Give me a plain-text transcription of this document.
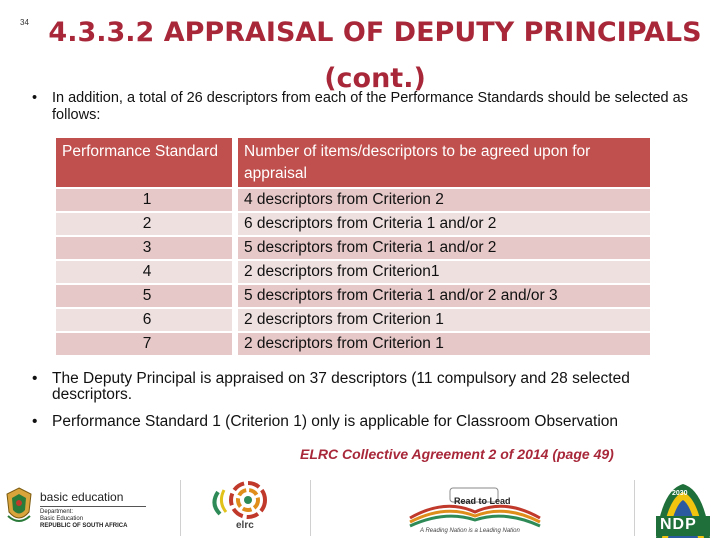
34 4.3.3.2 APPRAISAL OF DEPUTY PRINCIPALS
(cont.)
•	In addition, a total of 26 descriptors from each of the Performance Standards should be selected as follows:
Performance Standard		Number of items/descriptors to be agreed upon for appraisal
1		4 descriptors from Criterion 2
2		6 descriptors from Criteria 1 and/or 2
3		5 descriptors from Criteria 1 and/or 2
4		2 descriptors from Criterion1
5		5 descriptors from Criteria 1 and/or 2 and/or 3
6		2 descriptors from Criterion 1
7		2 descriptors from Criterion 1
• The Deputy Principal is appraised on 37 descriptors (11 compulsory and 28 selected descriptors.
• Performance Standard 1 (Criterion 1) only is applicable for Classroom Observation
ELRC Collective Agreement 2 of 2014 (page 49)
basic education
Department:
Basic Education
REPUBLIC OF SOUTH AFRICA	elrc
Read to Lead
A Reading Nation is a Leading Nation
2030
NDP
